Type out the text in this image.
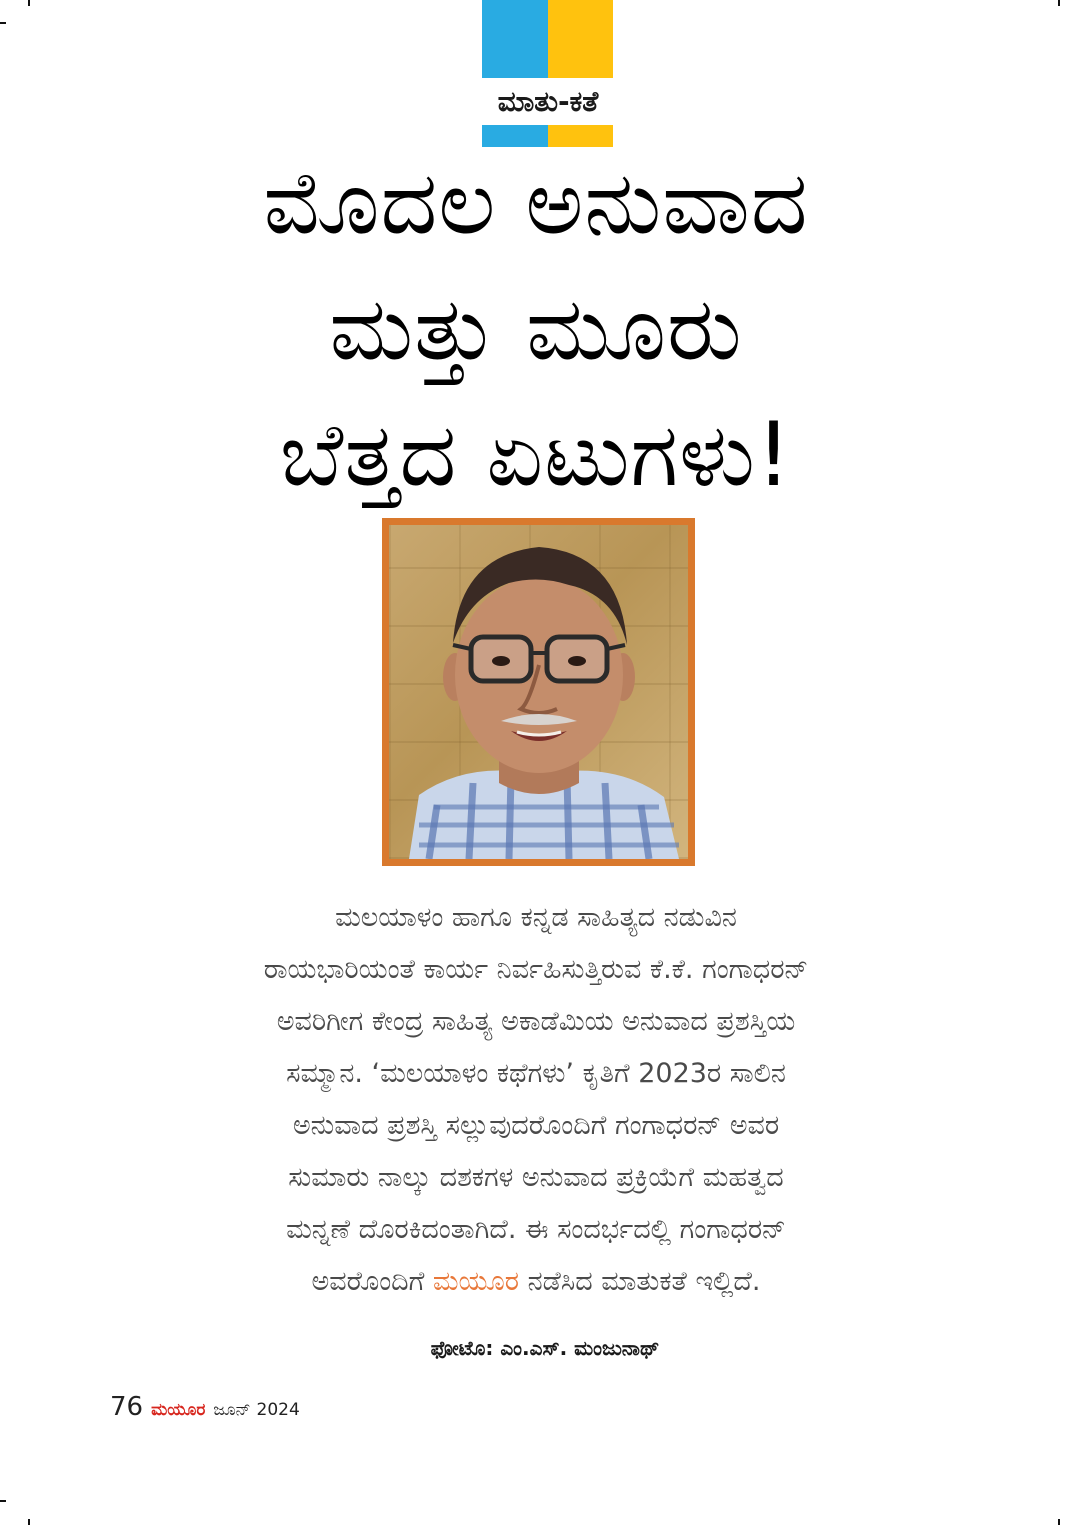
ಮಾತು-ಕತೆ
ಮೊದಲ ಅನುವಾದ
ಮತ್ತು ಮೂರು
ಬೆತ್ತದ ಏಟುಗಳು!

ಮಲಯಾಳಂ ಹಾಗೂ ಕನ್ನಡ ಸಾಹಿತ್ಯದ ನಡುವಿನ
ರಾಯಭಾರಿಯಂತೆ ಕಾರ್ಯ ನಿರ್ವಹಿಸುತ್ತಿರುವ ಕೆ.ಕೆ. ಗಂಗಾಧರನ್
ಅವರಿಗೀಗ ಕೇಂದ್ರ ಸಾಹಿತ್ಯ ಅಕಾಡೆಮಿಯ ಅನುವಾದ ಪ್ರಶಸ್ತಿಯ
ಸಮ್ಮಾನ. ‘ಮಲಯಾಳಂ ಕಥೆಗಳು’ ಕೃತಿಗೆ 2023ರ ಸಾಲಿನ
ಅನುವಾದ ಪ್ರಶಸ್ತಿ ಸಲ್ಲುವುದರೊಂದಿಗೆ ಗಂಗಾಧರನ್ ಅವರ
ಸುಮಾರು ನಾಲ್ಕು ದಶಕಗಳ ಅನುವಾದ ಪ್ರಕ್ರಿಯೆಗೆ ಮಹತ್ವದ
ಮನ್ನಣೆ ದೊರಕಿದಂತಾಗಿದೆ. ಈ ಸಂದರ್ಭದಲ್ಲಿ ಗಂಗಾಧರನ್
ಅವರೊಂದಿಗೆ ಮಯೂರ ನಡೆಸಿದ ಮಾತುಕತೆ ಇಲ್ಲಿದೆ.

ಫೋಟೊ: ಎಂ.ಎಸ್. ಮಂಜುನಾಥ್
76 ಮಯೂರ ಜೂನ್ 2024
